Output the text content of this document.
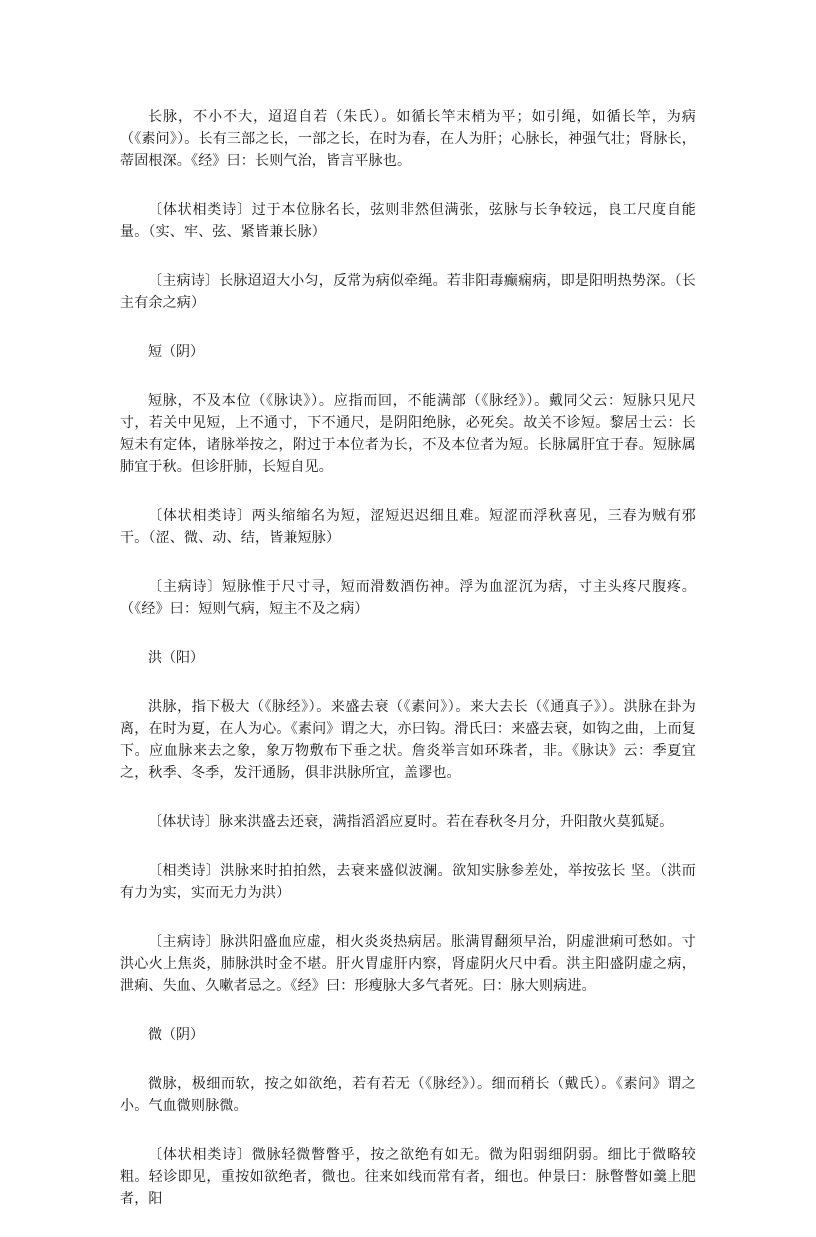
长脉，不小不大，迢迢自若（朱氏）。如循长竿末梢为平；如引绳，如循长竿，为病（《素问》）。长有三部之长，一部之长，在时为春，在人为肝；心脉长，神强气壮；肾脉长，蒂固根深。《经》曰：长则气治，皆言平脉也。

〔体状相类诗〕过于本位脉名长，弦则非然但满张，弦脉与长争较远，良工尺度自能量。（实、牢、弦、紧皆兼长脉）

〔主病诗〕长脉迢迢大小匀，反常为病似牵绳。若非阳毒癫痫病，即是阳明热势深。（长主有余之病）

短（阴）

短脉，不及本位（《脉诀》）。应指而回，不能满部（《脉经》）。戴同父云：短脉只见尺寸，若关中见短，上不通寸，下不通尺，是阴阳绝脉，必死矣。故关不诊短。黎居士云：长短未有定体，诸脉举按之，附过于本位者为长，不及本位者为短。长脉属肝宜于春。短脉属肺宜于秋。但诊肝肺，长短自见。

〔体状相类诗〕两头缩缩名为短，涩短迟迟细且难。短涩而浮秋喜见，三春为贼有邪干。（涩、微、动、结，皆兼短脉）

〔主病诗〕短脉惟于尺寸寻，短而滑数酒伤神。浮为血涩沉为痞，寸主头疼尺腹疼。（《经》曰：短则气病，短主不及之病）

洪（阳）

洪脉，指下极大（《脉经》）。来盛去衰（《素问》）。来大去长（《通真子》）。洪脉在卦为离，在时为夏，在人为心。《素问》谓之大，亦曰钩。滑氏曰：来盛去衰，如钩之曲，上而复下。应血脉来去之象，象万物敷布下垂之状。詹炎举言如环珠者，非。《脉诀》云：季夏宜之，秋季、冬季，发汗通肠，俱非洪脉所宜，盖谬也。

〔体状诗〕脉来洪盛去还衰，满指滔滔应夏时。若在春秋冬月分，升阳散火莫狐疑。

〔相类诗〕洪脉来时拍拍然，去衰来盛似波澜。欲知实脉参差处，举按弦长 坚。（洪而有力为实，实而无力为洪）

〔主病诗〕脉洪阳盛血应虚，相火炎炎热病居。胀满胃翻须早治，阴虚泄痢可愁如。寸洪心火上焦炎，肺脉洪时金不堪。肝火胃虚肝内察，肾虚阴火尺中看。洪主阳盛阴虚之病，泄痢、失血、久嗽者忌之。《经》曰：形瘦脉大多气者死。曰：脉大则病进。

微（阴）

微脉，极细而软，按之如欲绝，若有若无（《脉经》）。细而稍长（戴氏）。《素问》谓之小。气血微则脉微。

〔体状相类诗〕微脉轻微瞥瞥乎，按之欲绝有如无。微为阳弱细阴弱。细比于微略较粗。轻诊即见，重按如欲绝者，微也。往来如线而常有者，细也。仲景曰：脉瞥瞥如羹上肥者，阳
